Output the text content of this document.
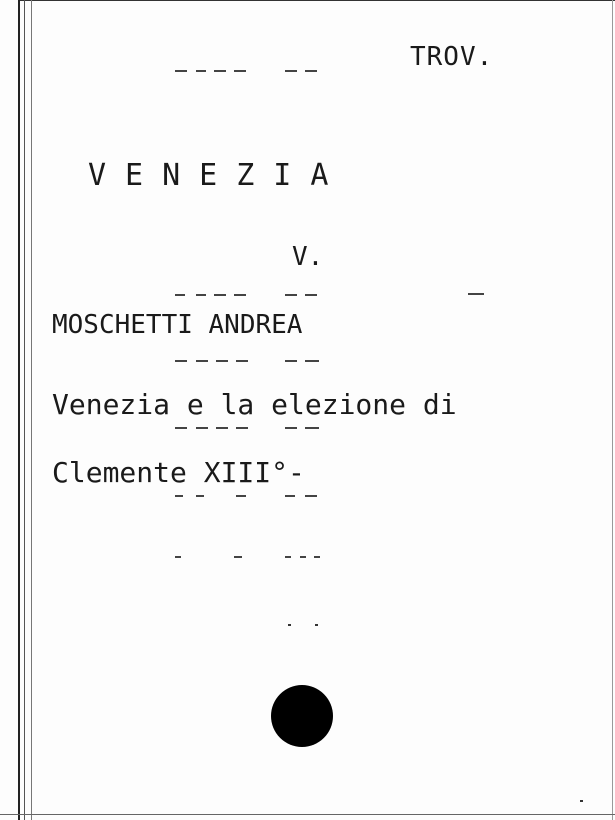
TROV.
VENEZIA
V.
MOSCHETTI ANDREA
Venezia e la elezione di
Clemente XIII°-
